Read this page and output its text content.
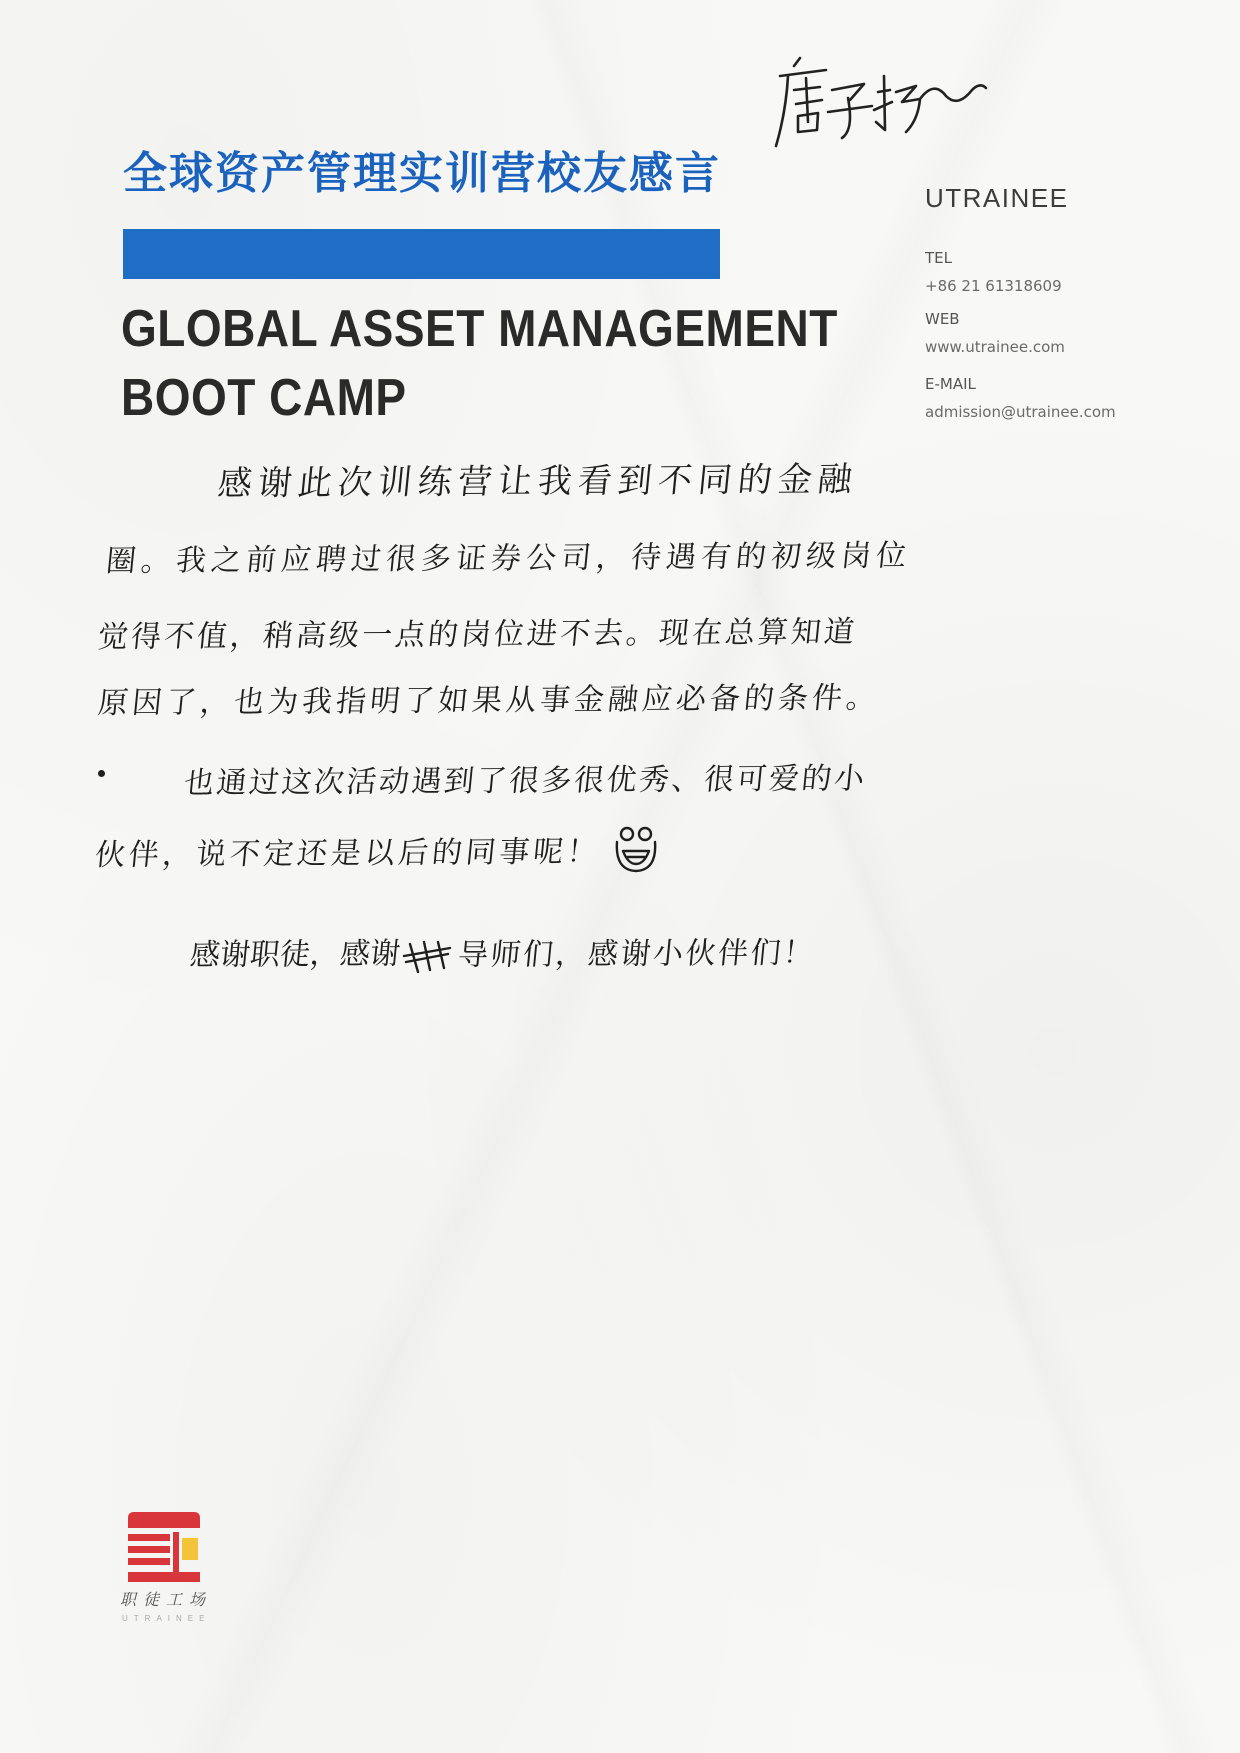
全球资产管理实训营校友感言
GLOBAL ASSET MANAGEMENT
BOOT CAMP
UTRAINEE
TEL
+86 21 61318609
WEB
www.utrainee.com
E-MAIL
admission@utrainee.com
感谢此次训练营让我看到不同的金融
圈。我之前应聘过很多证券公司，待遇有的初级岗位
觉得不值，稍高级一点的岗位进不去。现在总算知道
原因了，也为我指明了如果从事金融应必备的条件。
也通过这次活动遇到了很多很优秀、很可爱的小
伙伴，说不定还是以后的同事呢！
感谢职徒，感谢 导师们，感谢小伙伴们！
职徒工场
UTRAINEE
